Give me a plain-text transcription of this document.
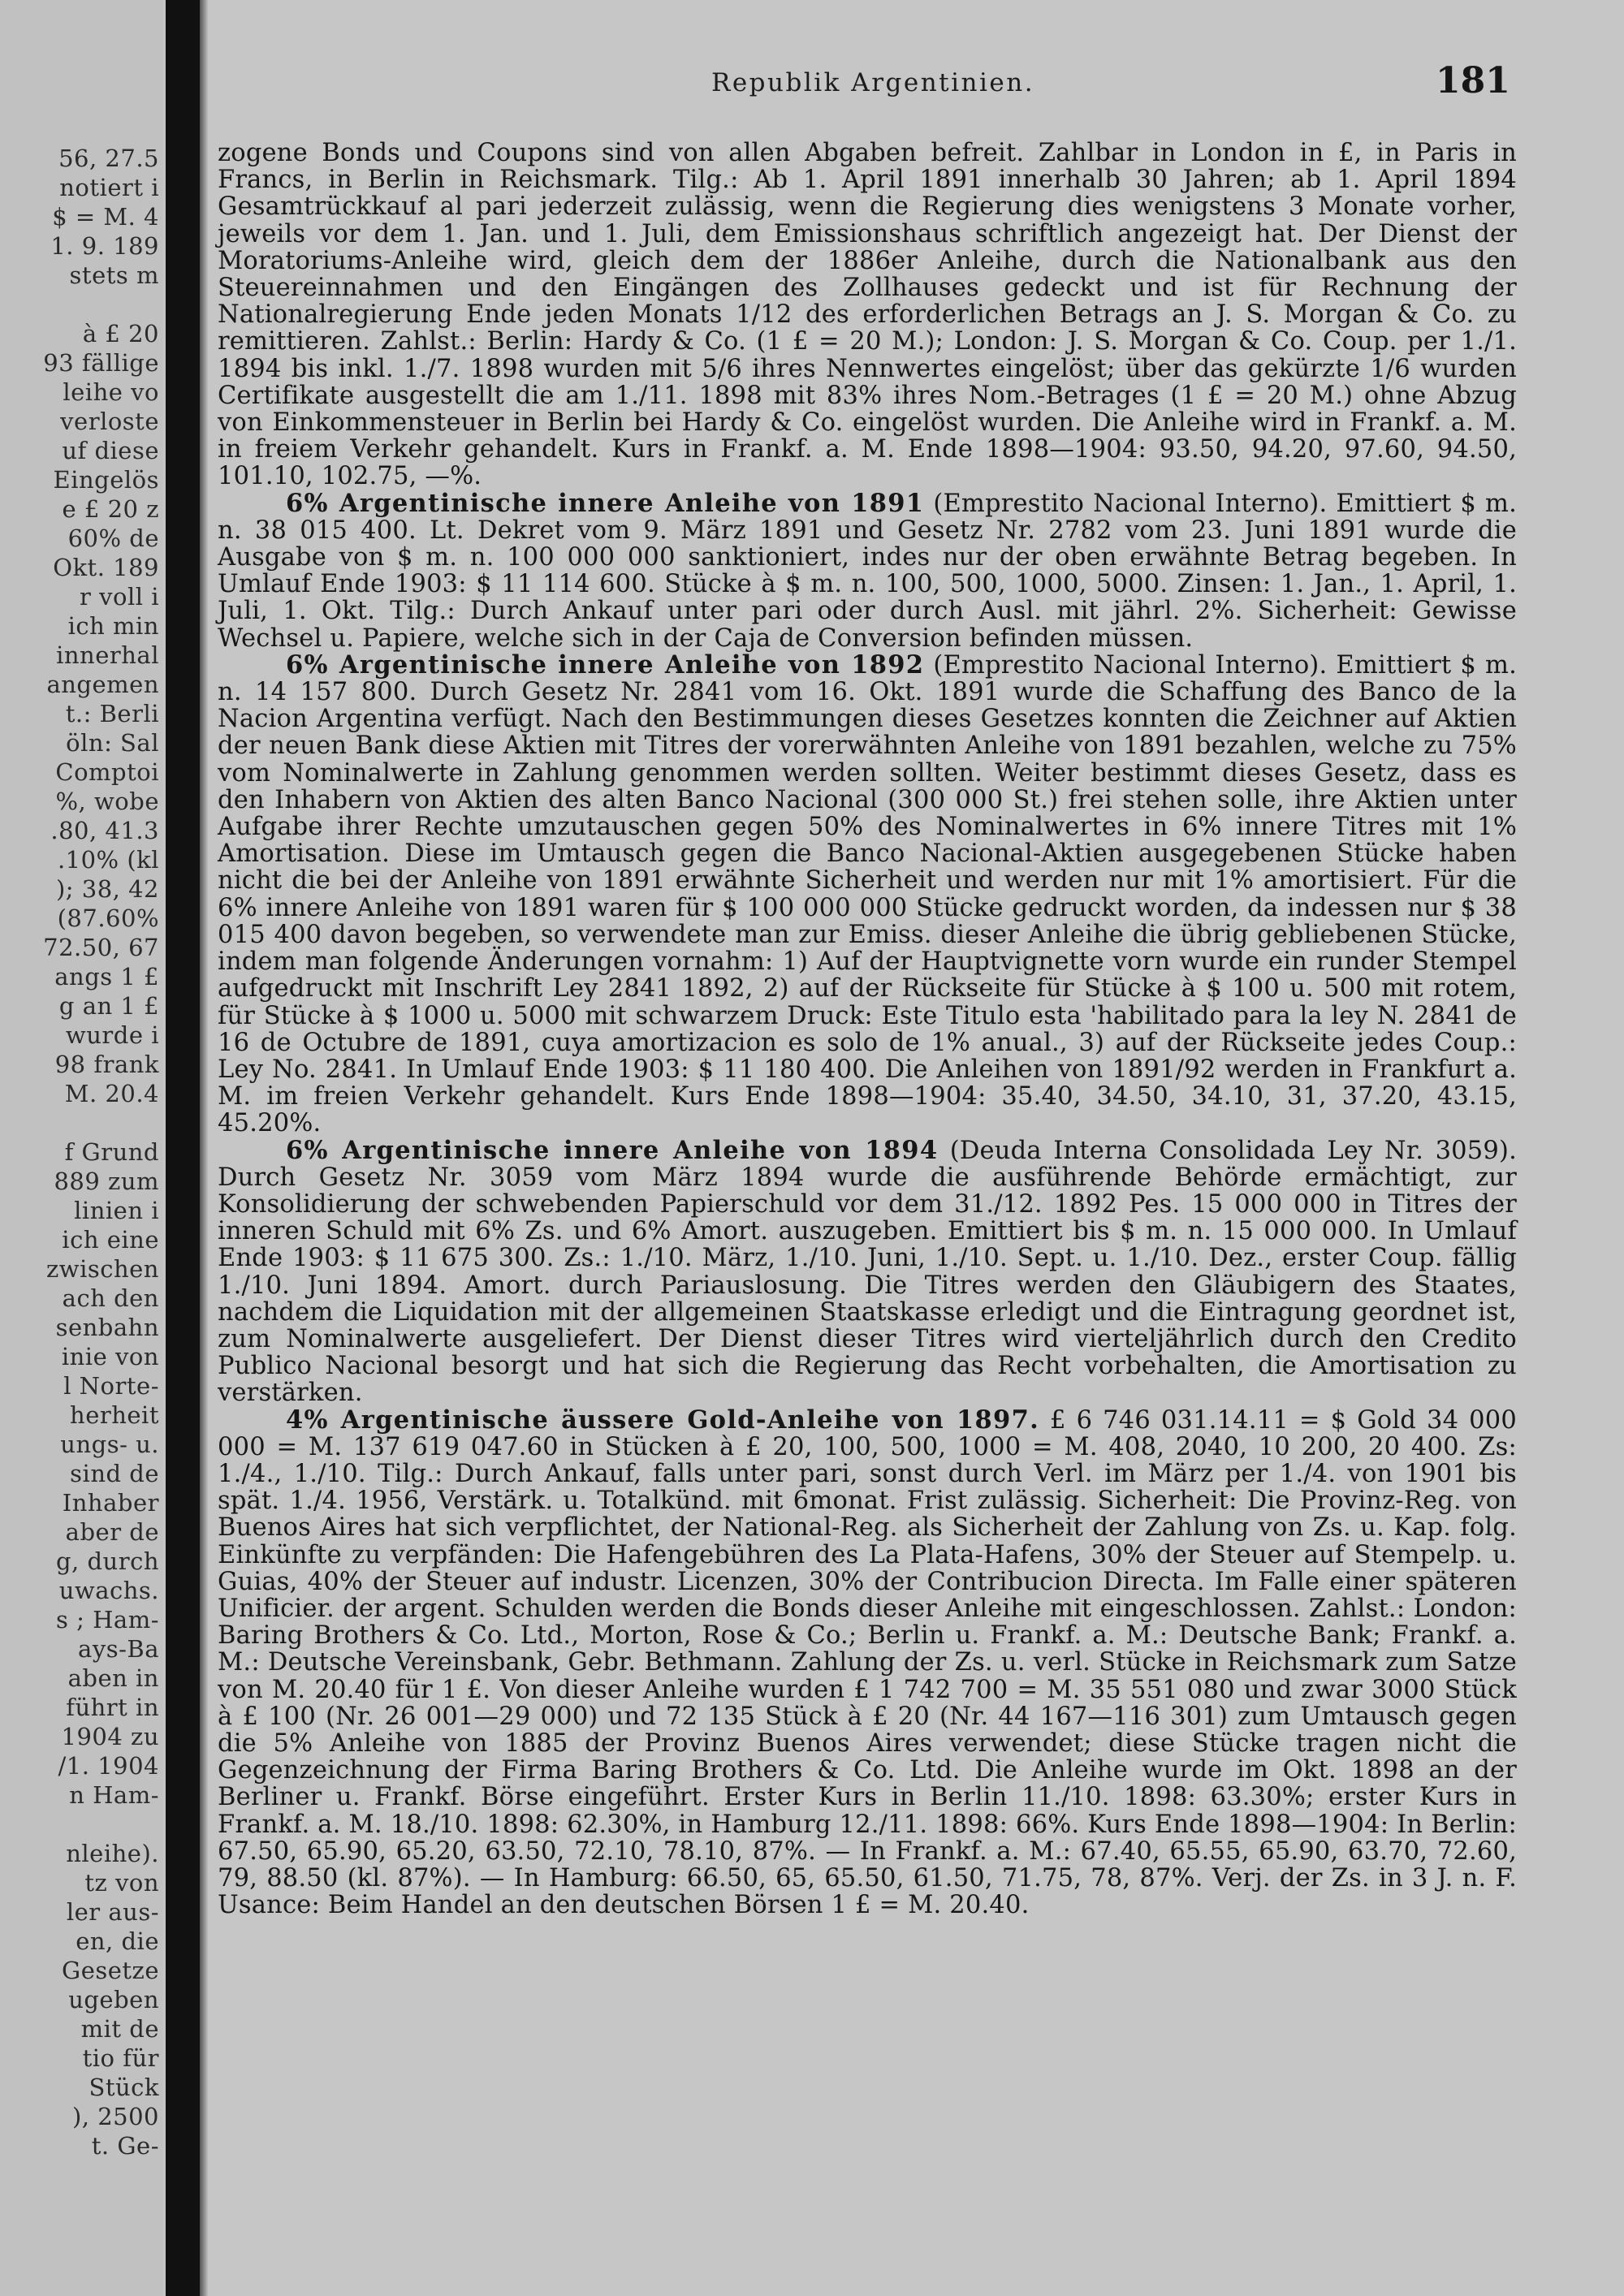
56, 27.5
notiert i
$ = M. 4
1. 9. 189
stets m
à £ 20
93 fällige
leihe vo
verloste
uf diese
Eingelös
e £ 20 z
60% de
Okt. 189
r voll i
ich min
innerhal
angemen
t.: Berli
öln: Sal
Comptoi
%, wobe
.80, 41.3
.10% (kl
); 38, 42
(87.60%
72.50, 67
angs 1 £
g an 1 £
wurde i
98 frank
M. 20.4
f Grund
889 zum
linien i
ich eine
zwischen
ach den
senbahn
inie von
l Norte-
herheit
ungs- u.
sind de
Inhaber
aber de
g, durch
uwachs.
s ; Ham-
ays-Ba
aben in
führt in
1904 zu
/1. 1904
n Ham-
nleihe).
tz von
ler aus-
en, die
Gesetze
ugeben
mit de
tio für
Stück
), 2500
t. Ge-
Republik Argentinien.	181

zogene Bonds und Coupons sind von allen Abgaben befreit. Zahlbar in London in £, in Paris in Francs, in Berlin in Reichsmark. Tilg.: Ab 1. April 1891 innerhalb 30 Jahren; ab 1. April 1894 Gesamtrückkauf al pari jederzeit zulässig, wenn die Regierung dies wenigstens 3 Monate vorher, jeweils vor dem 1. Jan. und 1. Juli, dem Emissionshaus schriftlich angezeigt hat. Der Dienst der Moratoriums-Anleihe wird, gleich dem der 1886er Anleihe, durch die Nationalbank aus den Steuereinnahmen und den Eingängen des Zollhauses gedeckt und ist für Rechnung der Nationalregierung Ende jeden Monats 1/12 des erforderlichen Betrags an J. S. Morgan & Co. zu remittieren. Zahlst.: Berlin: Hardy & Co. (1 £ = 20 M.); London: J. S. Morgan & Co. Coup. per 1./1. 1894 bis inkl. 1./7. 1898 wurden mit 5/6 ihres Nennwertes eingelöst; über das gekürzte 1/6 wurden Certifikate ausgestellt die am 1./11. 1898 mit 83% ihres Nom.-Betrages (1 £ = 20 M.) ohne Abzug von Einkommensteuer in Berlin bei Hardy & Co. eingelöst wurden. Die Anleihe wird in Frankf. a. M. in freiem Verkehr gehandelt. Kurs in Frankf. a. M. Ende 1898—1904: 93.50, 94.20, 97.60, 94.50, 101.10, 102.75, —%.

6% Argentinische innere Anleihe von 1891 (Emprestito Nacional Interno). Emittiert $ m. n. 38 015 400. Lt. Dekret vom 9. März 1891 und Gesetz Nr. 2782 vom 23. Juni 1891 wurde die Ausgabe von $ m. n. 100 000 000 sanktioniert, indes nur der oben erwähnte Betrag begeben. In Umlauf Ende 1903: $ 11 114 600. Stücke à $ m. n. 100, 500, 1000, 5000. Zinsen: 1. Jan., 1. April, 1. Juli, 1. Okt. Tilg.: Durch Ankauf unter pari oder durch Ausl. mit jährl. 2%. Sicherheit: Gewisse Wechsel u. Papiere, welche sich in der Caja de Conversion befinden müssen.

6% Argentinische innere Anleihe von 1892 (Emprestito Nacional Interno). Emittiert $ m. n. 14 157 800. Durch Gesetz Nr. 2841 vom 16. Okt. 1891 wurde die Schaffung des Banco de la Nacion Argentina verfügt. Nach den Bestimmungen dieses Gesetzes konnten die Zeichner auf Aktien der neuen Bank diese Aktien mit Titres der vorerwähnten Anleihe von 1891 bezahlen, welche zu 75% vom Nominalwerte in Zahlung genommen werden sollten. Weiter bestimmt dieses Gesetz, dass es den Inhabern von Aktien des alten Banco Nacional (300 000 St.) frei stehen solle, ihre Aktien unter Aufgabe ihrer Rechte umzutauschen gegen 50% des Nominalwertes in 6% innere Titres mit 1% Amortisation. Diese im Umtausch gegen die Banco Nacional-Aktien ausgegebenen Stücke haben nicht die bei der Anleihe von 1891 erwähnte Sicherheit und werden nur mit 1% amortisiert. Für die 6% innere Anleihe von 1891 waren für $ 100 000 000 Stücke gedruckt worden, da indessen nur $ 38 015 400 davon begeben, so verwendete man zur Emiss. dieser Anleihe die übrig gebliebenen Stücke, indem man folgende Änderungen vornahm: 1) Auf der Hauptvignette vorn wurde ein runder Stempel aufgedruckt mit Inschrift Ley 2841 1892, 2) auf der Rückseite für Stücke à $ 100 u. 500 mit rotem, für Stücke à $ 1000 u. 5000 mit schwarzem Druck: Este Titulo esta 'habilitado para la ley N. 2841 de 16 de Octubre de 1891, cuya amortizacion es solo de 1% anual., 3) auf der Rückseite jedes Coup.: Ley No. 2841. In Umlauf Ende 1903: $ 11 180 400. Die Anleihen von 1891/92 werden in Frankfurt a. M. im freien Verkehr gehandelt. Kurs Ende 1898—1904: 35.40, 34.50, 34.10, 31, 37.20, 43.15, 45.20%.

6% Argentinische innere Anleihe von 1894 (Deuda Interna Consolidada Ley Nr. 3059). Durch Gesetz Nr. 3059 vom März 1894 wurde die ausführende Behörde ermächtigt, zur Konsolidierung der schwebenden Papierschuld vor dem 31./12. 1892 Pes. 15 000 000 in Titres der inneren Schuld mit 6% Zs. und 6% Amort. auszugeben. Emittiert bis $ m. n. 15 000 000. In Umlauf Ende 1903: $ 11 675 300. Zs.: 1./10. März, 1./10. Juni, 1./10. Sept. u. 1./10. Dez., erster Coup. fällig 1./10. Juni 1894. Amort. durch Pariauslosung. Die Titres werden den Gläubigern des Staates, nachdem die Liquidation mit der allgemeinen Staatskasse erledigt und die Eintragung geordnet ist, zum Nominalwerte ausgeliefert. Der Dienst dieser Titres wird vierteljährlich durch den Credito Publico Nacional besorgt und hat sich die Regierung das Recht vorbehalten, die Amortisation zu verstärken.

4% Argentinische äussere Gold-Anleihe von 1897. £ 6 746 031.14.11 = $ Gold 34 000 000 = M. 137 619 047.60 in Stücken à £ 20, 100, 500, 1000 = M. 408, 2040, 10 200, 20 400. Zs: 1./4., 1./10. Tilg.: Durch Ankauf, falls unter pari, sonst durch Verl. im März per 1./4. von 1901 bis spät. 1./4. 1956, Verstärk. u. Totalkünd. mit 6monat. Frist zulässig. Sicherheit: Die Provinz-Reg. von Buenos Aires hat sich verpflichtet, der National-Reg. als Sicherheit der Zahlung von Zs. u. Kap. folg. Einkünfte zu verpfänden: Die Hafengebühren des La Plata-Hafens, 30% der Steuer auf Stempelp. u. Guias, 40% der Steuer auf industr. Licenzen, 30% der Contribucion Directa. Im Falle einer späteren Unificier. der argent. Schulden werden die Bonds dieser Anleihe mit eingeschlossen. Zahlst.: London: Baring Brothers & Co. Ltd., Morton, Rose & Co.; Berlin u. Frankf. a. M.: Deutsche Bank; Frankf. a. M.: Deutsche Vereinsbank, Gebr. Bethmann. Zahlung der Zs. u. verl. Stücke in Reichsmark zum Satze von M. 20.40 für 1 £. Von dieser Anleihe wurden £ 1 742 700 = M. 35 551 080 und zwar 3000 Stück à £ 100 (Nr. 26 001—29 000) und 72 135 Stück à £ 20 (Nr. 44 167—116 301) zum Umtausch gegen die 5% Anleihe von 1885 der Provinz Buenos Aires verwendet; diese Stücke tragen nicht die Gegenzeichnung der Firma Baring Brothers & Co. Ltd. Die Anleihe wurde im Okt. 1898 an der Berliner u. Frankf. Börse eingeführt. Erster Kurs in Berlin 11./10. 1898: 63.30%; erster Kurs in Frankf. a. M. 18./10. 1898: 62.30%, in Hamburg 12./11. 1898: 66%. Kurs Ende 1898—1904: In Berlin: 67.50, 65.90, 65.20, 63.50, 72.10, 78.10, 87%. — In Frankf. a. M.: 67.40, 65.55, 65.90, 63.70, 72.60, 79, 88.50 (kl. 87%). — In Hamburg: 66.50, 65, 65.50, 61.50, 71.75, 78, 87%. Verj. der Zs. in 3 J. n. F. Usance: Beim Handel an den deutschen Börsen 1 £ = M. 20.40.
